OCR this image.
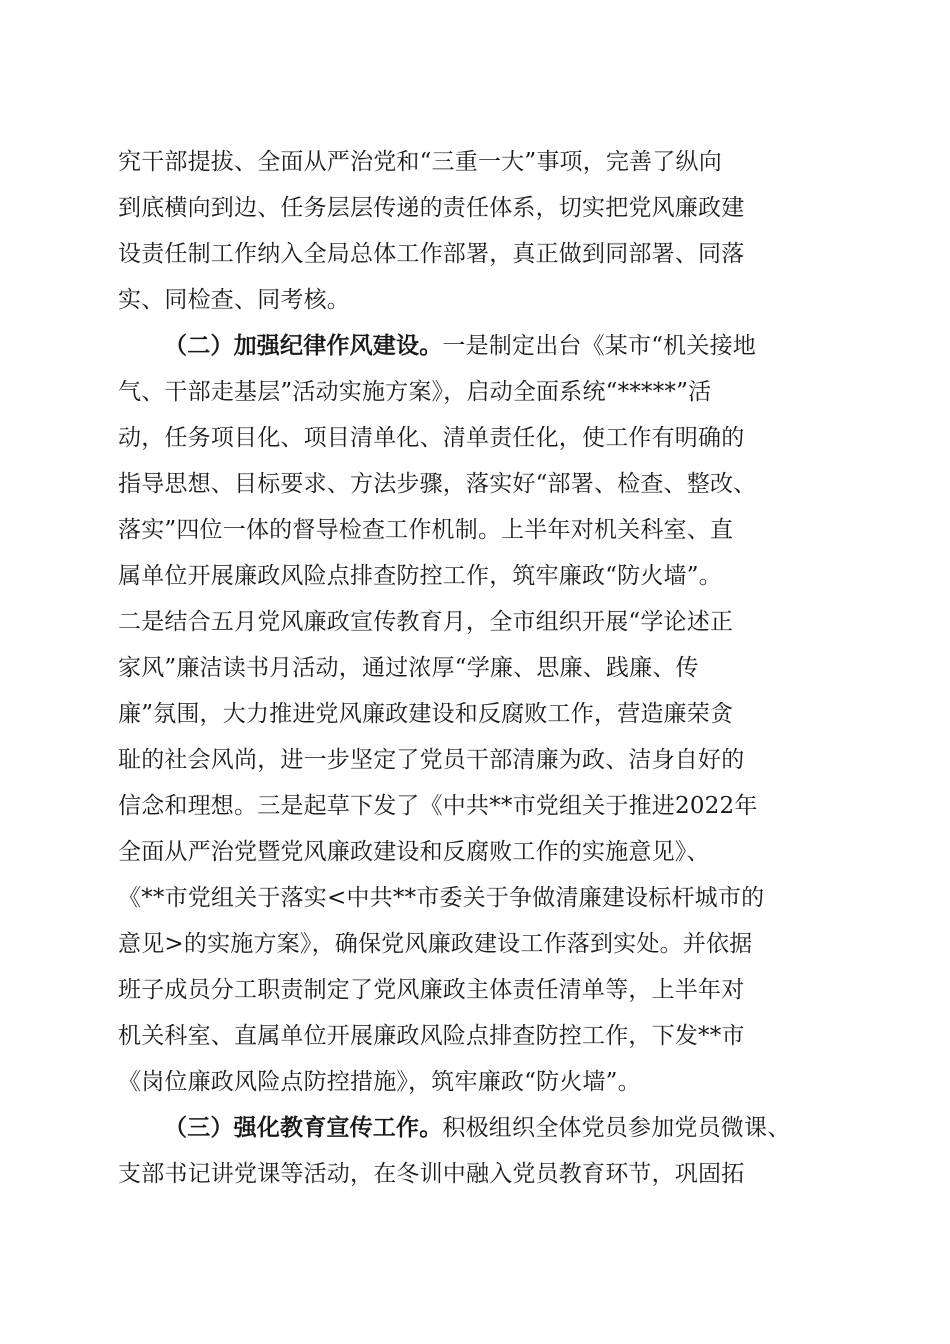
究干部提拔、全面从严治党和“三重一大”事项，完善了纵向
到底横向到边、任务层层传递的责任体系，切实把党风廉政建
设责任制工作纳入全局总体工作部署，真正做到同部署、同落
实、同检查、同考核。
（二）加强纪律作风建设。一是制定出台《某市“机关接地
气、干部走基层”活动实施方案》，启动全面系统“*****”活
动，任务项目化、项目清单化、清单责任化，使工作有明确的
指导思想、目标要求、方法步骤，落实好“部署、检查、整改、
落实”四位一体的督导检查工作机制。上半年对机关科室、直
属单位开展廉政风险点排查防控工作，筑牢廉政“防火墙”。
二是结合五月党风廉政宣传教育月，全市组织开展“学论述正
家风”廉洁读书月活动，通过浓厚“学廉、思廉、践廉、传
廉”氛围，大力推进党风廉政建设和反腐败工作，营造廉荣贪
耻的社会风尚，进一步坚定了党员干部清廉为政、洁身自好的
信念和理想。三是起草下发了《中共**市党组关于推进2022年
全面从严治党暨党风廉政建设和反腐败工作的实施意见》、
《**市党组关于落实<中共**市委关于争做清廉建设标杆城市的
意见>的实施方案》，确保党风廉政建设工作落到实处。并依据
班子成员分工职责制定了党风廉政主体责任清单等，上半年对
机关科室、直属单位开展廉政风险点排查防控工作，下发**市
《岗位廉政风险点防控措施》，筑牢廉政“防火墙”。
（三）强化教育宣传工作。积极组织全体党员参加党员微课、
支部书记讲党课等活动，在冬训中融入党员教育环节，巩固拓
